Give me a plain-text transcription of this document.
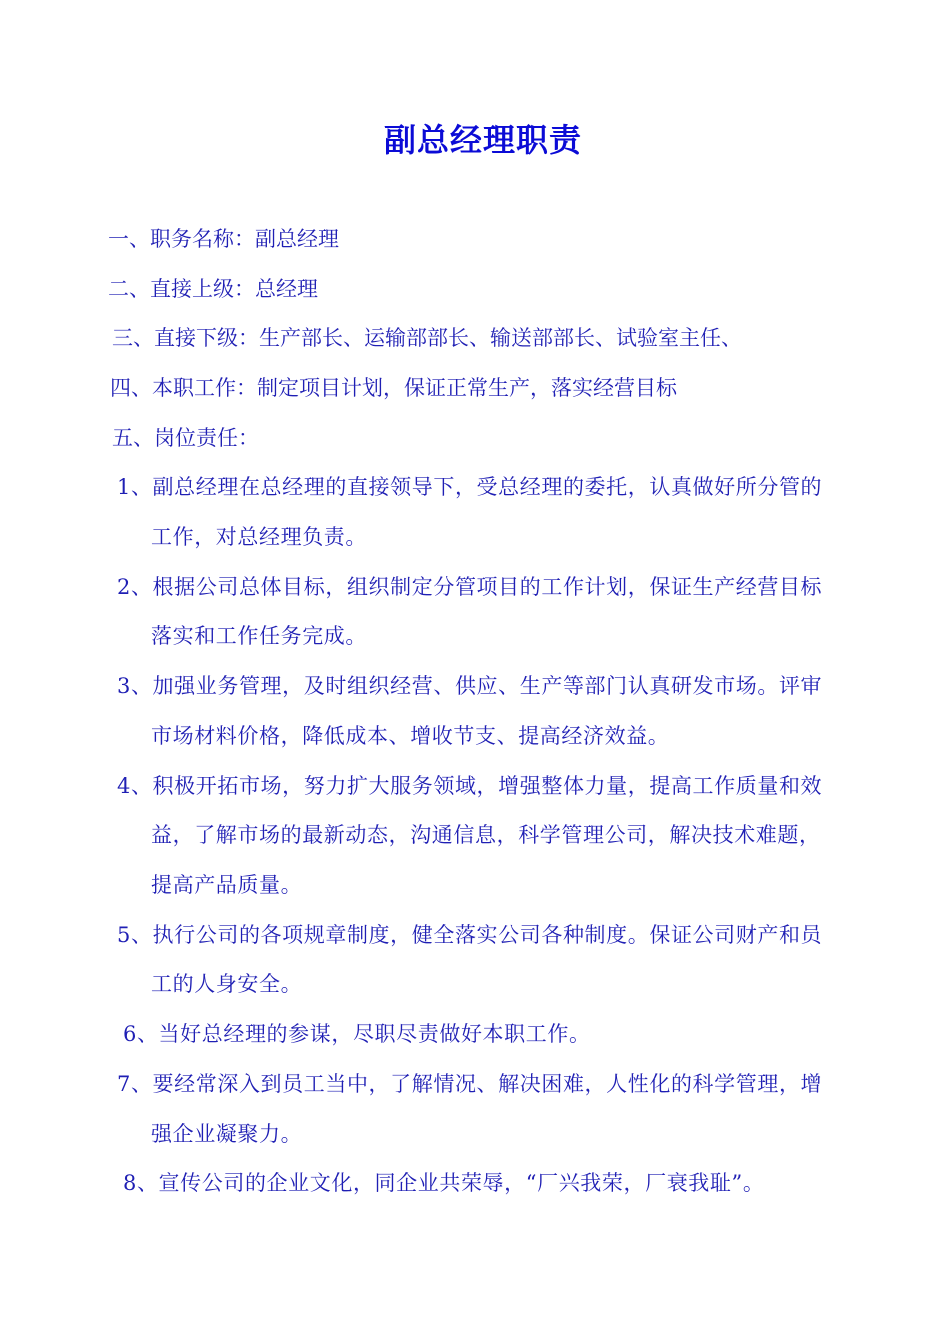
副总经理职责
一、职务名称：副总经理
二、直接上级：总经理
三、直接下级：生产部长、运输部部长、输送部部长、试验室主任、
四、本职工作：制定项目计划，保证正常生产，落实经营目标
五、岗位责任：
1、副总经理在总经理的直接领导下，受总经理的委托，认真做好所分管的
工作，对总经理负责。
2、根据公司总体目标，组织制定分管项目的工作计划，保证生产经营目标
落实和工作任务完成。
3、加强业务管理，及时组织经营、供应、生产等部门认真研发市场。评审
市场材料价格，降低成本、增收节支、提高经济效益。
4、积极开拓市场，努力扩大服务领域，增强整体力量，提高工作质量和效
益，了解市场的最新动态，沟通信息，科学管理公司，解决技术难题，
提高产品质量。
5、执行公司的各项规章制度，健全落实公司各种制度。保证公司财产和员
工的人身安全。
6、当好总经理的参谋，尽职尽责做好本职工作。
7、要经常深入到员工当中，了解情况、解决困难，人性化的科学管理，增
强企业凝聚力。
8、宣传公司的企业文化，同企业共荣辱，“厂兴我荣，厂衰我耻”。
